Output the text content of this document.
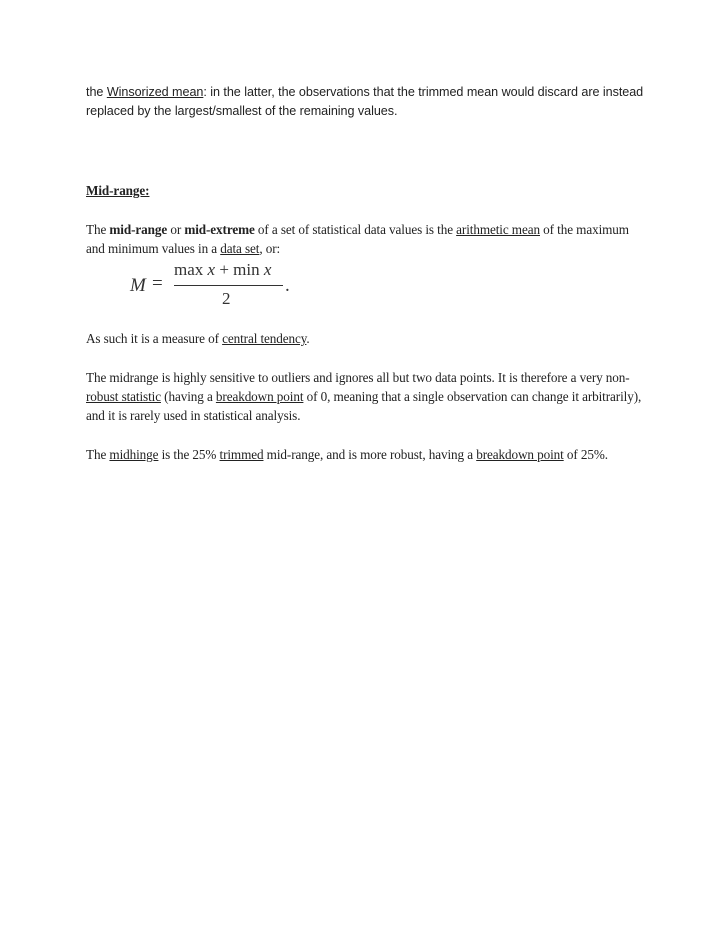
the Winsorized mean: in the latter, the observations that the trimmed mean would discard are instead replaced by the largest/smallest of the remaining values.

Mid-range:

The mid-range or mid-extreme of a set of statistical data values is the arithmetic mean of the maximum and minimum values in a data set, or:

M =
max x + min x
2
.

As such it is a measure of central tendency.

The midrange is highly sensitive to outliers and ignores all but two data points. It is therefore a very non-robust statistic (having a breakdown point of 0, meaning that a single observation can change it arbitrarily), and it is rarely used in statistical analysis.

The midhinge is the 25% trimmed mid-range, and is more robust, having a breakdown point of 25%.
